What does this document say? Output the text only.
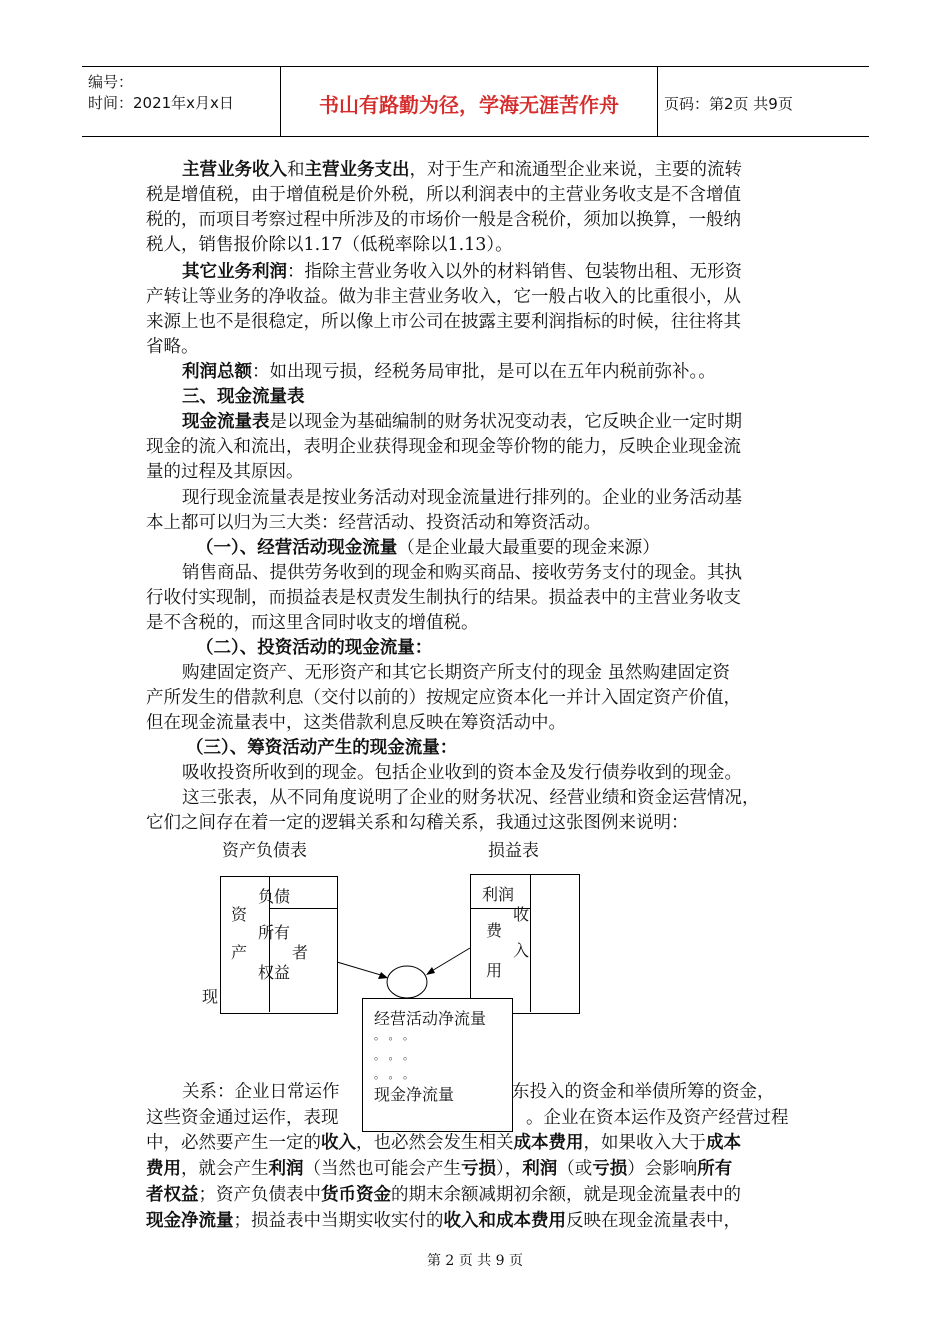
编号：
时间：2021年x月x日	书山有路勤为径，学海无涯苦作舟	页码：第2页 共9页
主营业务收入和主营业务支出，对于生产和流通型企业来说，主要的流转
税是增值税，由于增值税是价外税，所以利润表中的主营业务收支是不含增值
税的，而项目考察过程中所涉及的市场价一般是含税价，须加以换算，一般纳
税人，销售报价除以1.17（低税率除以1.13）。
其它业务利润：指除主营业务收入以外的材料销售、包装物出租、无形资
产转让等业务的净收益。做为非主营业务收入，它一般占收入的比重很小，从
来源上也不是很稳定，所以像上市公司在披露主要利润指标的时候，往往将其
省略。
利润总额：如出现亏损，经税务局审批，是可以在五年内税前弥补。。
三、现金流量表
现金流量表是以现金为基础编制的财务状况变动表，它反映企业一定时期
现金的流入和流出，表明企业获得现金和现金等价物的能力，反映企业现金流
量的过程及其原因。
现行现金流量表是按业务活动对现金流量进行排列的。企业的业务活动基
本上都可以归为三大类：经营活动、投资活动和筹资活动。
（一）、经营活动现金流量（是企业最大最重要的现金来源）
销售商品、提供劳务收到的现金和购买商品、接收劳务支付的现金。其执
行收付实现制，而损益表是权责发生制执行的结果。损益表中的主营业务收支
是不含税的，而这里含同时收支的增值税。
（二）、投资活动的现金流量：
购建固定资产、无形资产和其它长期资产所支付的现金 虽然购建固定资
产所发生的借款利息（交付以前的）按规定应资本化一并计入固定资产价值，
但在现金流量表中，这类借款利息反映在筹资活动中。
（三）、筹资活动产生的现金流量：
吸收投资所收到的现金。包括企业收到的资本金及发行债券收到的现金。
这三张表，从不同角度说明了企业的财务状况、经营业绩和资金运营情况，
它们之间存在着一定的逻辑关系和勾稽关系，我通过这张图例来说明：
资产负债表	损益表
资
产
负债
所有
者
权益
现
利润
收
入
费
用
经营活动净流量
。 。 。
。 。 。
。 。 。
现金净流量
关系：企业日常运作	东投入的资金和举债所筹的资金，
这些资金通过运作，表现	。企业在资本运作及资产经营过程
中，必然要产生一定的收入，也必然会发生相关成本费用，如果收入大于成本
费用，就会产生利润（当然也可能会产生亏损），利润（或亏损）会影响所有
者权益；资产负债表中货币资金的期末余额减期初余额，就是现金流量表中的
现金净流量；损益表中当期实收实付的收入和成本费用反映在现金流量表中，
第 2 页 共 9 页
